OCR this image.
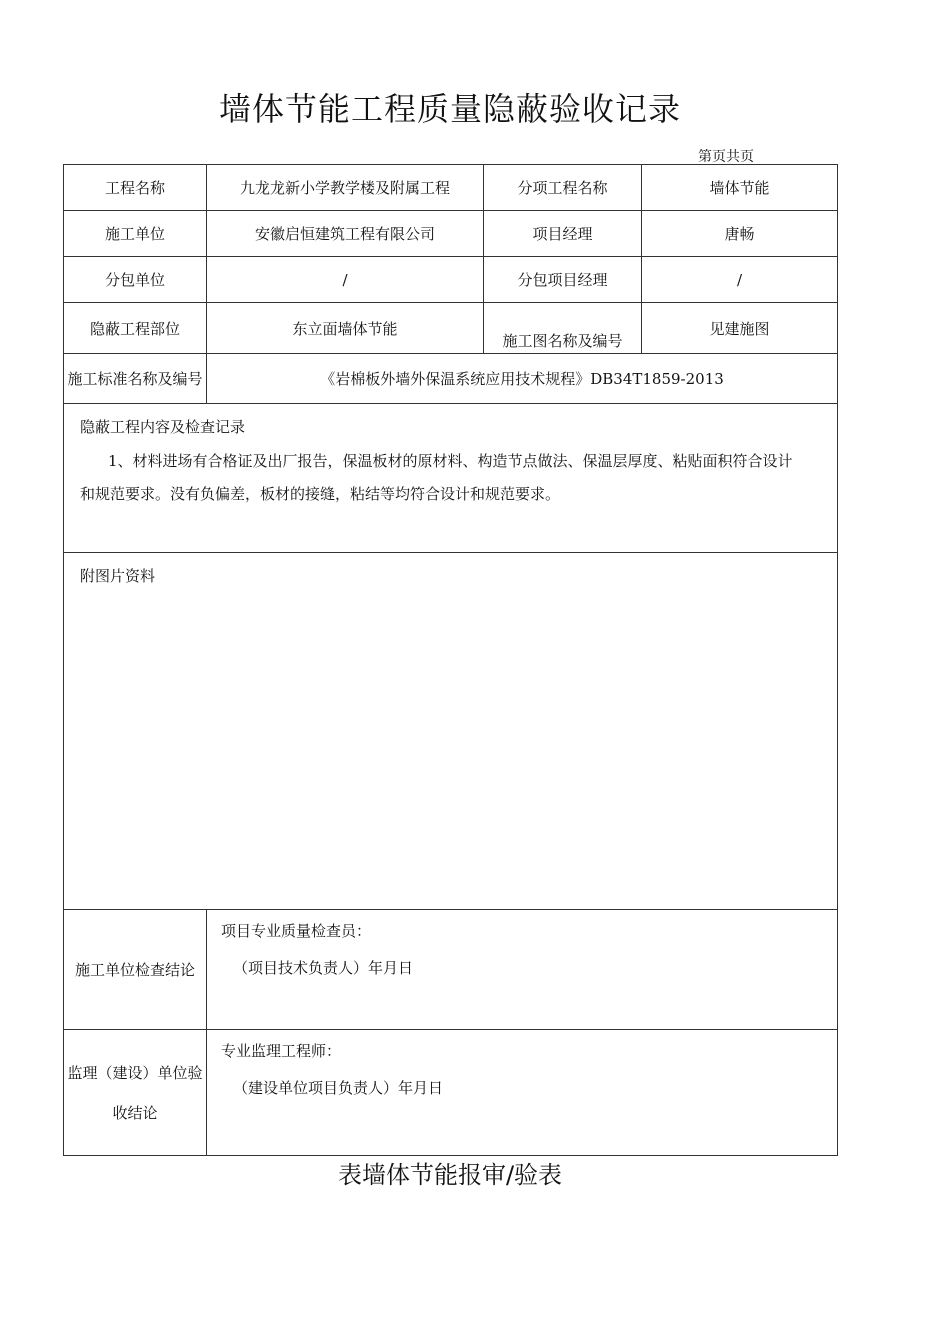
墙体节能工程质量隐蔽验收记录
第页共页
工程名称	九龙龙新小学教学楼及附属工程	分项工程名称	墙体节能
施工单位	安徽启恒建筑工程有限公司	项目经理	唐畅
分包单位	/	分包项目经理	/
隐蔽工程部位	东立面墙体节能	施工图名称及编号	见建施图
施工标准名称及编号	《岩棉板外墙外保温系统应用技术规程》DB34T1859-2013		

隐蔽工程内容及检查记录

1、材料进场有合格证及出厂报告，保温板材的原材料、构造节点做法、保温层厚度、粘贴面积符合设计

和规范要求。没有负偏差，板材的接缝，粘结等均符合设计和规范要求。			

附图片资料			
施工单位检查结论	项目专业质量检查员：

（项目技术负责人）年月日		

监理（建设）单位验收结论	专业监理工程师：

（建设单位项目负责人）年月日		

表墙体节能报审/验表
